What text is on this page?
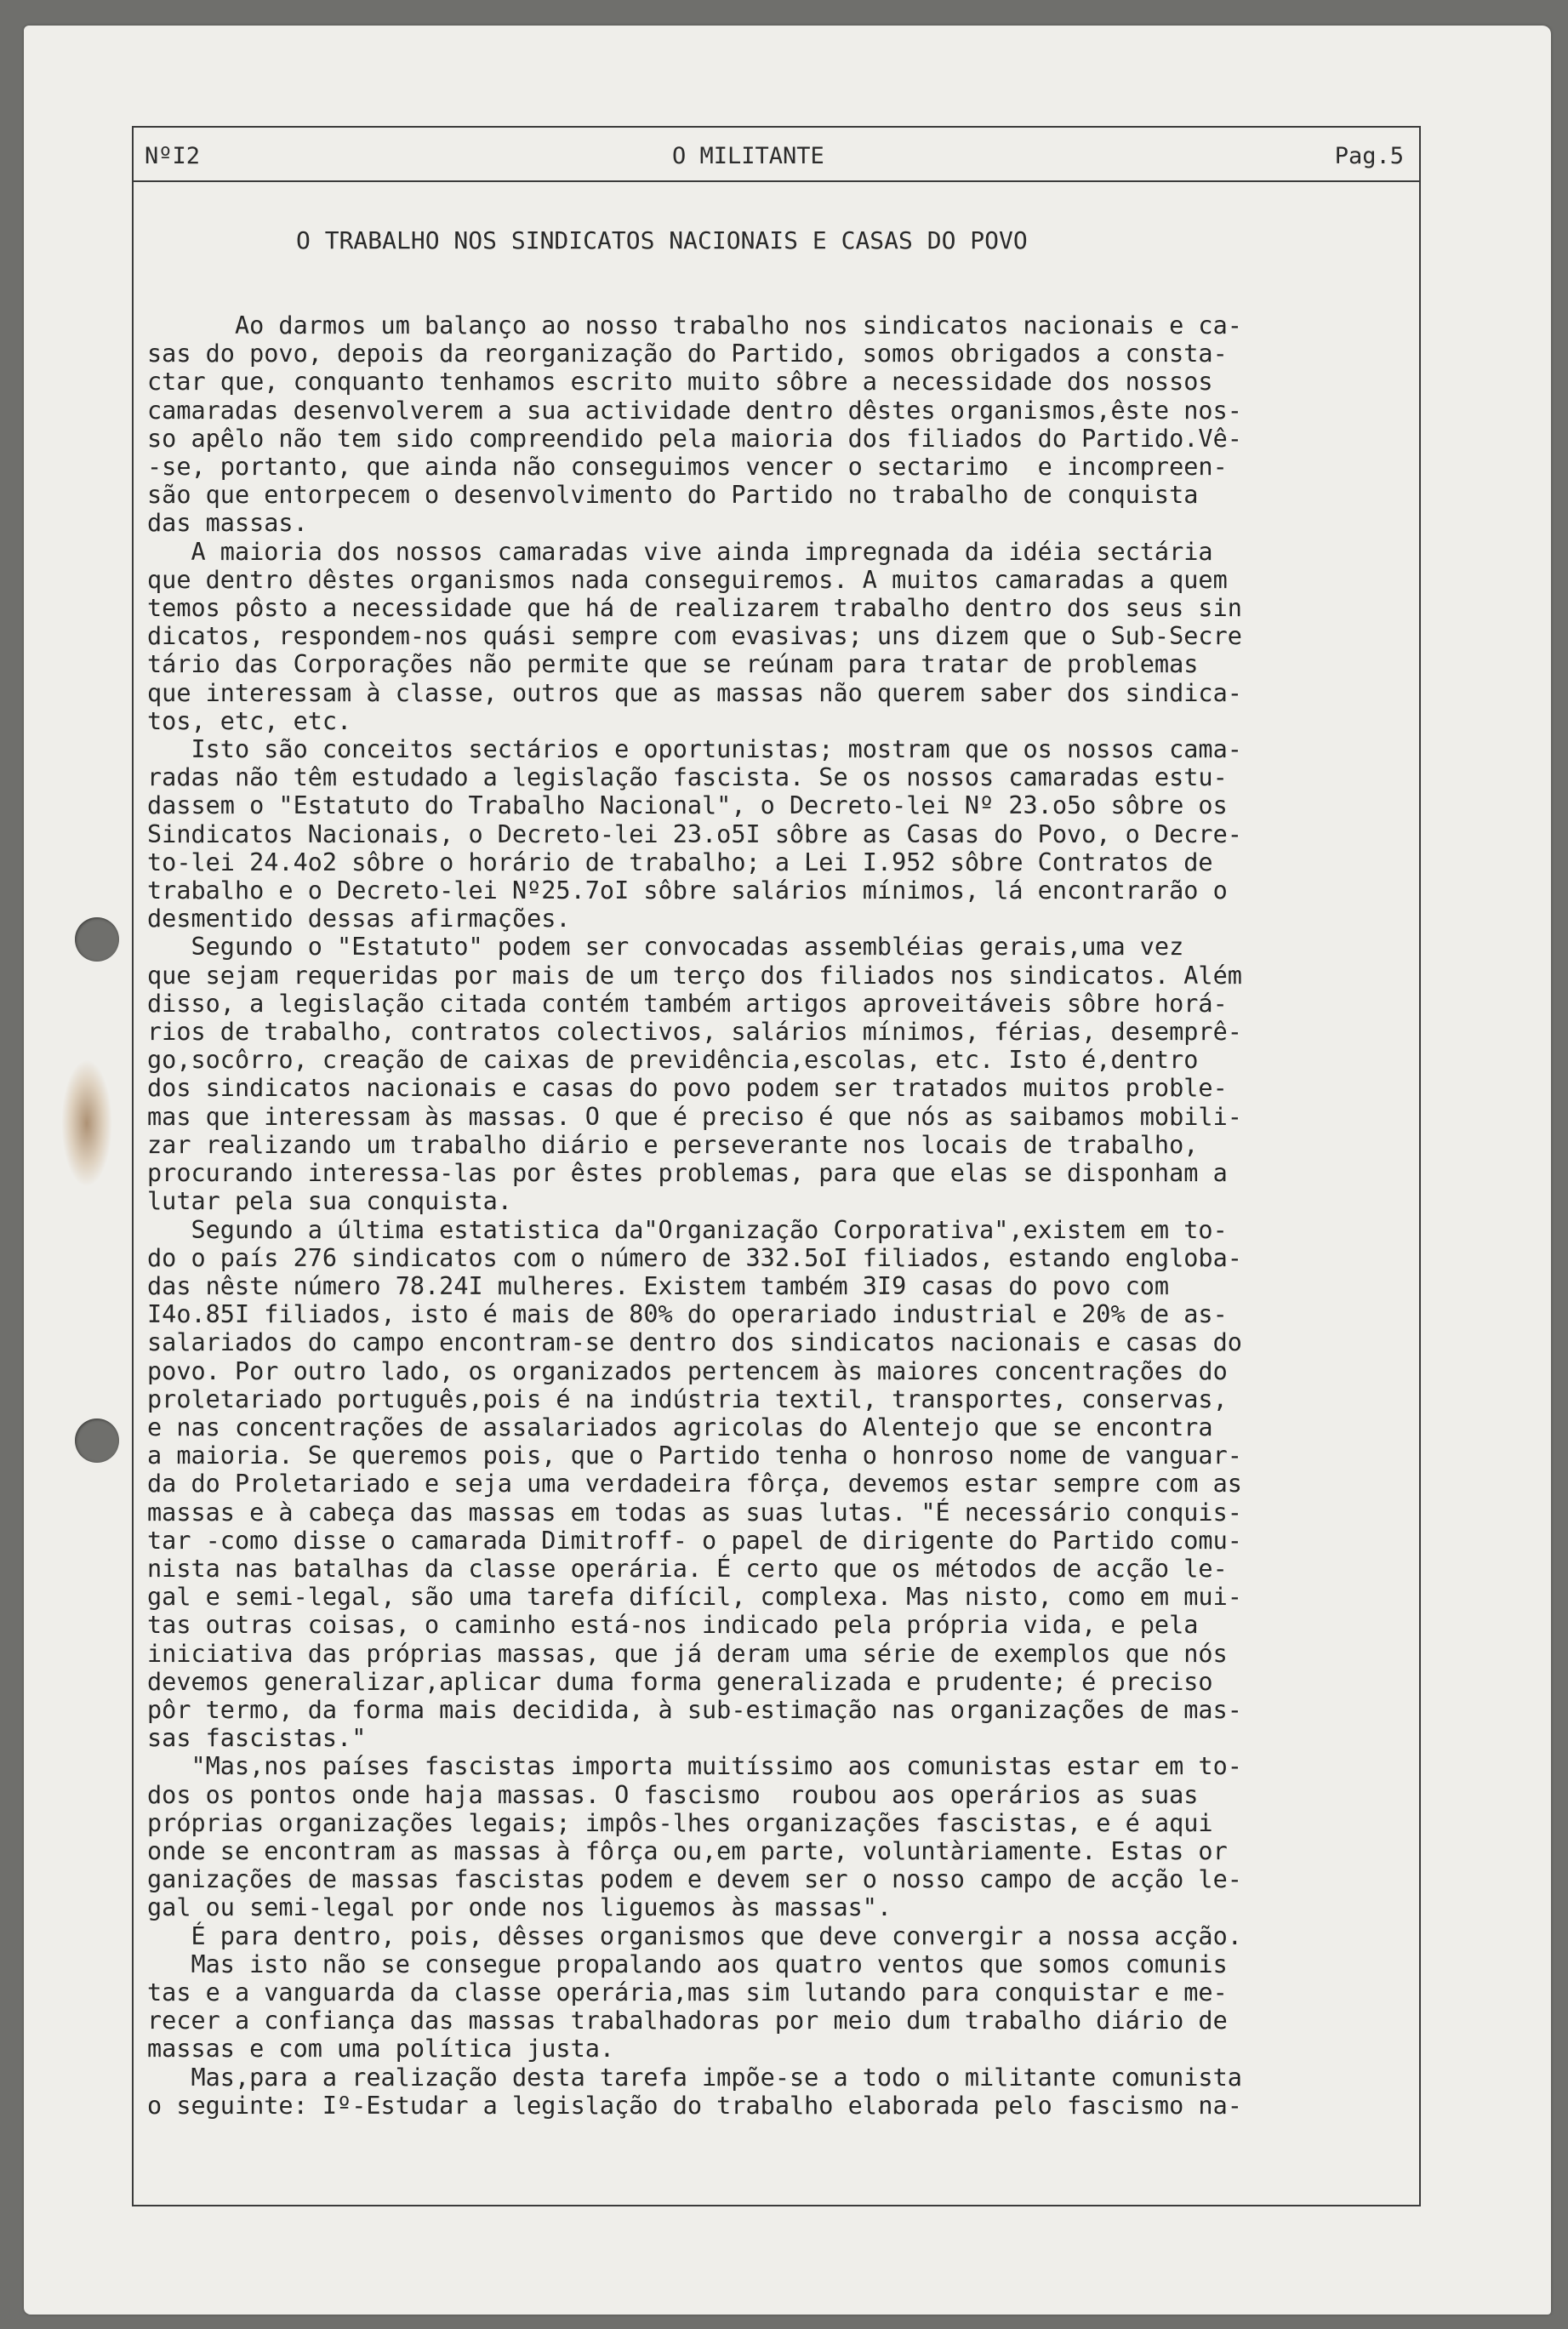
NºI2	O MILITANTE	Pag.5
O TRABALHO NOS SINDICATOS NACIONAIS E CASAS DO POVO

Ao darmos um balanço ao nosso trabalho nos sindicatos nacionais e ca-

sas do povo, depois da reorganização do Partido, somos obrigados a consta-

ctar que, conquanto tenhamos escrito muito sôbre a necessidade dos nossos

camaradas desenvolverem a sua actividade dentro dêstes organismos,êste nos-

so apêlo não tem sido compreendido pela maioria dos filiados do Partido.Vê-

-se, portanto, que ainda não conseguimos vencer o sectarimo  e incompreen-

são que entorpecem o desenvolvimento do Partido no trabalho de conquista

das massas.

A maioria dos nossos camaradas vive ainda impregnada da idéia sectária

que dentro dêstes organismos nada conseguiremos. A muitos camaradas a quem

temos pôsto a necessidade que há de realizarem trabalho dentro dos seus sin

dicatos, respondem-nos quási sempre com evasivas; uns dizem que o Sub-Secre

tário das Corporações não permite que se reúnam para tratar de problemas

que interessam à classe, outros que as massas não querem saber dos sindica-

tos, etc, etc.

Isto são conceitos sectários e oportunistas; mostram que os nossos cama-

radas não têm estudado a legislação fascista. Se os nossos camaradas estu-

dassem o "Estatuto do Trabalho Nacional", o Decreto-lei Nº 23.o5o sôbre os

Sindicatos Nacionais, o Decreto-lei 23.o5I sôbre as Casas do Povo, o Decre-

to-lei 24.4o2 sôbre o horário de trabalho; a Lei I.952 sôbre Contratos de

trabalho e o Decreto-lei Nº25.7oI sôbre salários mínimos, lá encontrarão o

desmentido dessas afirmações.

Segundo o "Estatuto" podem ser convocadas assembléias gerais,uma vez

que sejam requeridas por mais de um terço dos filiados nos sindicatos. Além

disso, a legislação citada contém também artigos aproveitáveis sôbre horá-

rios de trabalho, contratos colectivos, salários mínimos, férias, desemprê-

go,socôrro, creação de caixas de previdência,escolas, etc. Isto é,dentro

dos sindicatos nacionais e casas do povo podem ser tratados muitos proble-

mas que interessam às massas. O que é preciso é que nós as saibamos mobili-

zar realizando um trabalho diário e perseverante nos locais de trabalho,

procurando interessa-las por êstes problemas, para que elas se disponham a

lutar pela sua conquista.

Segundo a última estatistica da"Organização Corporativa",existem em to-

do o país 276 sindicatos com o número de 332.5oI filiados, estando engloba-

das nêste número 78.24I mulheres. Existem também 3I9 casas do povo com

I4o.85I filiados, isto é mais de 80% do operariado industrial e 20% de as-

salariados do campo encontram-se dentro dos sindicatos nacionais e casas do

povo. Por outro lado, os organizados pertencem às maiores concentrações do

proletariado português,pois é na indústria textil, transportes, conservas,

e nas concentrações de assalariados agricolas do Alentejo que se encontra

a maioria. Se queremos pois, que o Partido tenha o honroso nome de vanguar-

da do Proletariado e seja uma verdadeira fôrça, devemos estar sempre com as

massas e à cabeça das massas em todas as suas lutas. "É necessário conquis-

tar -como disse o camarada Dimitroff- o papel de dirigente do Partido comu-

nista nas batalhas da classe operária. É certo que os métodos de acção le-

gal e semi-legal, são uma tarefa difícil, complexa. Mas nisto, como em mui-

tas outras coisas, o caminho está-nos indicado pela própria vida, e pela

iniciativa das próprias massas, que já deram uma série de exemplos que nós

devemos generalizar,aplicar duma forma generalizada e prudente; é preciso

pôr termo, da forma mais decidida, à sub-estimação nas organizações de mas-

sas fascistas."

"Mas,nos países fascistas importa muitíssimo aos comunistas estar em to-

dos os pontos onde haja massas. O fascismo  roubou aos operários as suas

próprias organizações legais; impôs-lhes organizações fascistas, e é aqui

onde se encontram as massas à fôrça ou,em parte, voluntàriamente. Estas or

ganizações de massas fascistas podem e devem ser o nosso campo de acção le-

gal ou semi-legal por onde nos liguemos às massas".

É para dentro, pois, dêsses organismos que deve convergir a nossa acção.

Mas isto não se consegue propalando aos quatro ventos que somos comunis

tas e a vanguarda da classe operária,mas sim lutando para conquistar e me-

recer a confiança das massas trabalhadoras por meio dum trabalho diário de

massas e com uma política justa.

Mas,para a realização desta tarefa impõe-se a todo o militante comunista

o seguinte: Iº-Estudar a legislação do trabalho elaborada pelo fascismo na-
